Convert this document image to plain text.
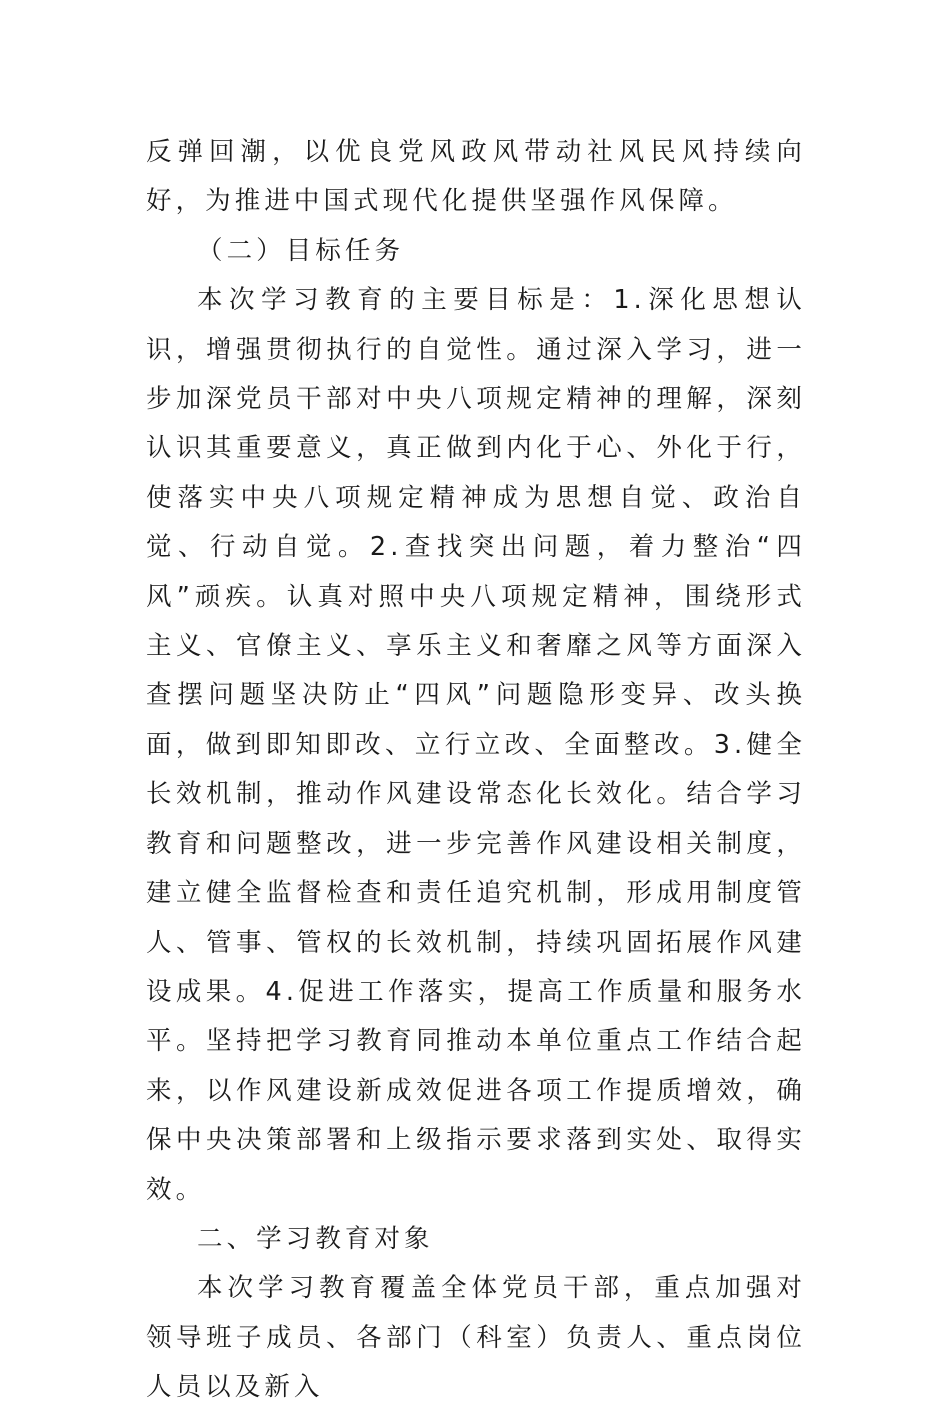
反弹回潮，以优良党风政风带动社风民风持续向好，为推进中国式现代化提供坚强作风保障。

（二）目标任务

本次学习教育的主要目标是：1.深化思想认识，增强贯彻执行的自觉性。通过深入学习，进一步加深党员干部对中央八项规定精神的理解，深刻认识其重要意义，真正做到内化于心、外化于行，使落实中央八项规定精神成为思想自觉、政治自觉、行动自觉。2.查找突出问题，着力整治“四风”顽疾。认真对照中央八项规定精神，围绕形式主义、官僚主义、享乐主义和奢靡之风等方面深入查摆问题坚决防止“四风”问题隐形变异、改头换面，做到即知即改、立行立改、全面整改。3.健全长效机制，推动作风建设常态化长效化。结合学习教育和问题整改，进一步完善作风建设相关制度，建立健全监督检查和责任追究机制，形成用制度管人、管事、管权的长效机制，持续巩固拓展作风建设成果。4.促进工作落实，提高工作质量和服务水平。坚持把学习教育同推动本单位重点工作结合起来，以作风建设新成效促进各项工作提质增效，确保中央决策部署和上级指示要求落到实处、取得实效。

二、学习教育对象

本次学习教育覆盖全体党员干部，重点加强对领导班子成员、各部门（科室）负责人、重点岗位人员以及新入
